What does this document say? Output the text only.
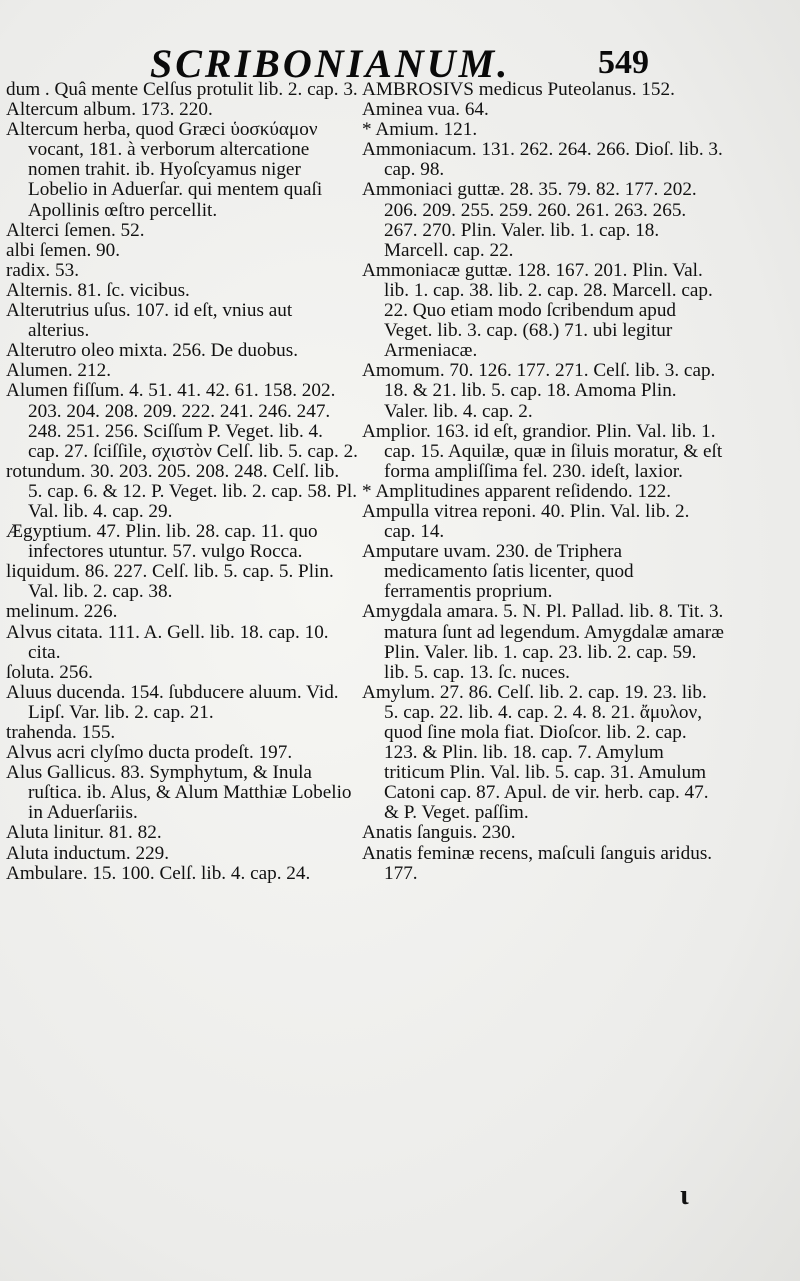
SCRIBONIANUM.	549
dum . Quâ mente Celſus protulit lib. 2. cap. 3.
Altercum album. 173. 220.
Altercum herba, quod Græci ὑοσκύαμον vocant, 181. à verborum altercatione nomen trahit. ib. Hyoſcyamus niger Lobelio in Aduerſar. qui mentem quaſi Apollinis œſtro percellit.
Alterci ſemen. 52.
albi ſemen. 90.
radix. 53.
Alternis. 81. ſc. vicibus.
Alterutrius uſus. 107. id eſt, vnius aut alterius.
Alterutro oleo mixta. 256. De duobus.
Alumen. 212.
Alumen fiſſum. 4. 51. 41. 42. 61. 158. 202. 203. 204. 208. 209. 222. 241. 246. 247. 248. 251. 256. Sciſſum P. Veget. lib. 4. cap. 27. ſciſſile, σχιστὸν Celſ. lib. 5. cap. 2.
rotundum. 30. 203. 205. 208. 248. Celſ. lib. 5. cap. 6. & 12. P. Veget. lib. 2. cap. 58. Pl. Val. lib. 4. cap. 29.
Ægyptium. 47. Plin. lib. 28. cap. 11. quo infectores utuntur. 57. vulgo Rocca.
liquidum. 86. 227. Celſ. lib. 5. cap. 5. Plin. Val. lib. 2. cap. 38.
melinum. 226.
Alvus citata. 111. A. Gell. lib. 18. cap. 10. cita.
ſoluta. 256.
Aluus ducenda. 154. ſubducere aluum. Vid. Lipſ. Var. lib. 2. cap. 21.
trahenda. 155.
Alvus acri clyſmo ducta prodeſt. 197.
Alus Gallicus. 83. Symphytum, & Inula ruſtica. ib. Alus, & Alum Matthiæ Lobelio in Aduerſariis.
Aluta linitur. 81. 82.
Aluta inductum. 229.
Ambulare. 15. 100. Celſ. lib. 4. cap. 24.
AMBROSIVS medicus Puteolanus. 152.
Aminea vua. 64.
* Amium. 121.
Ammoniacum. 131. 262. 264. 266. Dioſ. lib. 3. cap. 98.
Ammoniaci guttæ. 28. 35. 79. 82. 177. 202. 206. 209. 255. 259. 260. 261. 263. 265. 267. 270. Plin. Valer. lib. 1. cap. 18. Marcell. cap. 22.
Ammoniacæ guttæ. 128. 167. 201. Plin. Val. lib. 1. cap. 38. lib. 2. cap. 28. Marcell. cap. 22. Quo etiam modo ſcribendum apud Veget. lib. 3. cap. (68.) 71. ubi legitur Armeniacæ.
Amomum. 70. 126. 177. 271. Celſ. lib. 3. cap. 18. & 21. lib. 5. cap. 18. Amoma Plin. Valer. lib. 4. cap. 2.
Amplior. 163. id eſt, grandior. Plin. Val. lib. 1. cap. 15. Aquilæ, quæ in ſiluis moratur, & eſt forma ampliſſima fel. 230. ideſt, laxior.
* Amplitudines apparent reſidendo. 122.
Ampulla vitrea reponi. 40. Plin. Val. lib. 2. cap. 14.
Amputare uvam. 230. de Triphera medicamento ſatis licenter, quod ferramentis proprium.
Amygdala amara. 5. N. Pl. Pallad. lib. 8. Tit. 3. matura ſunt ad legendum. Amygdalæ amaræ Plin. Valer. lib. 1. cap. 23. lib. 2. cap. 59. lib. 5. cap. 13. ſc. nuces.
Amylum. 27. 86. Celſ. lib. 2. cap. 19. 23. lib. 5. cap. 22. lib. 4. cap. 2. 4. 8. 21. ἄμυλον, quod ſine mola fiat. Dioſcor. lib. 2. cap. 123. & Plin. lib. 18. cap. 7. Amylum triticum Plin. Val. lib. 5. cap. 31. Amulum Catoni cap. 87. Apul. de vir. herb. cap. 47. & P. Veget. paſſim.
Anatis ſanguis. 230.
Anatis feminæ recens, maſculi ſanguis aridus. 177.
ɩ
